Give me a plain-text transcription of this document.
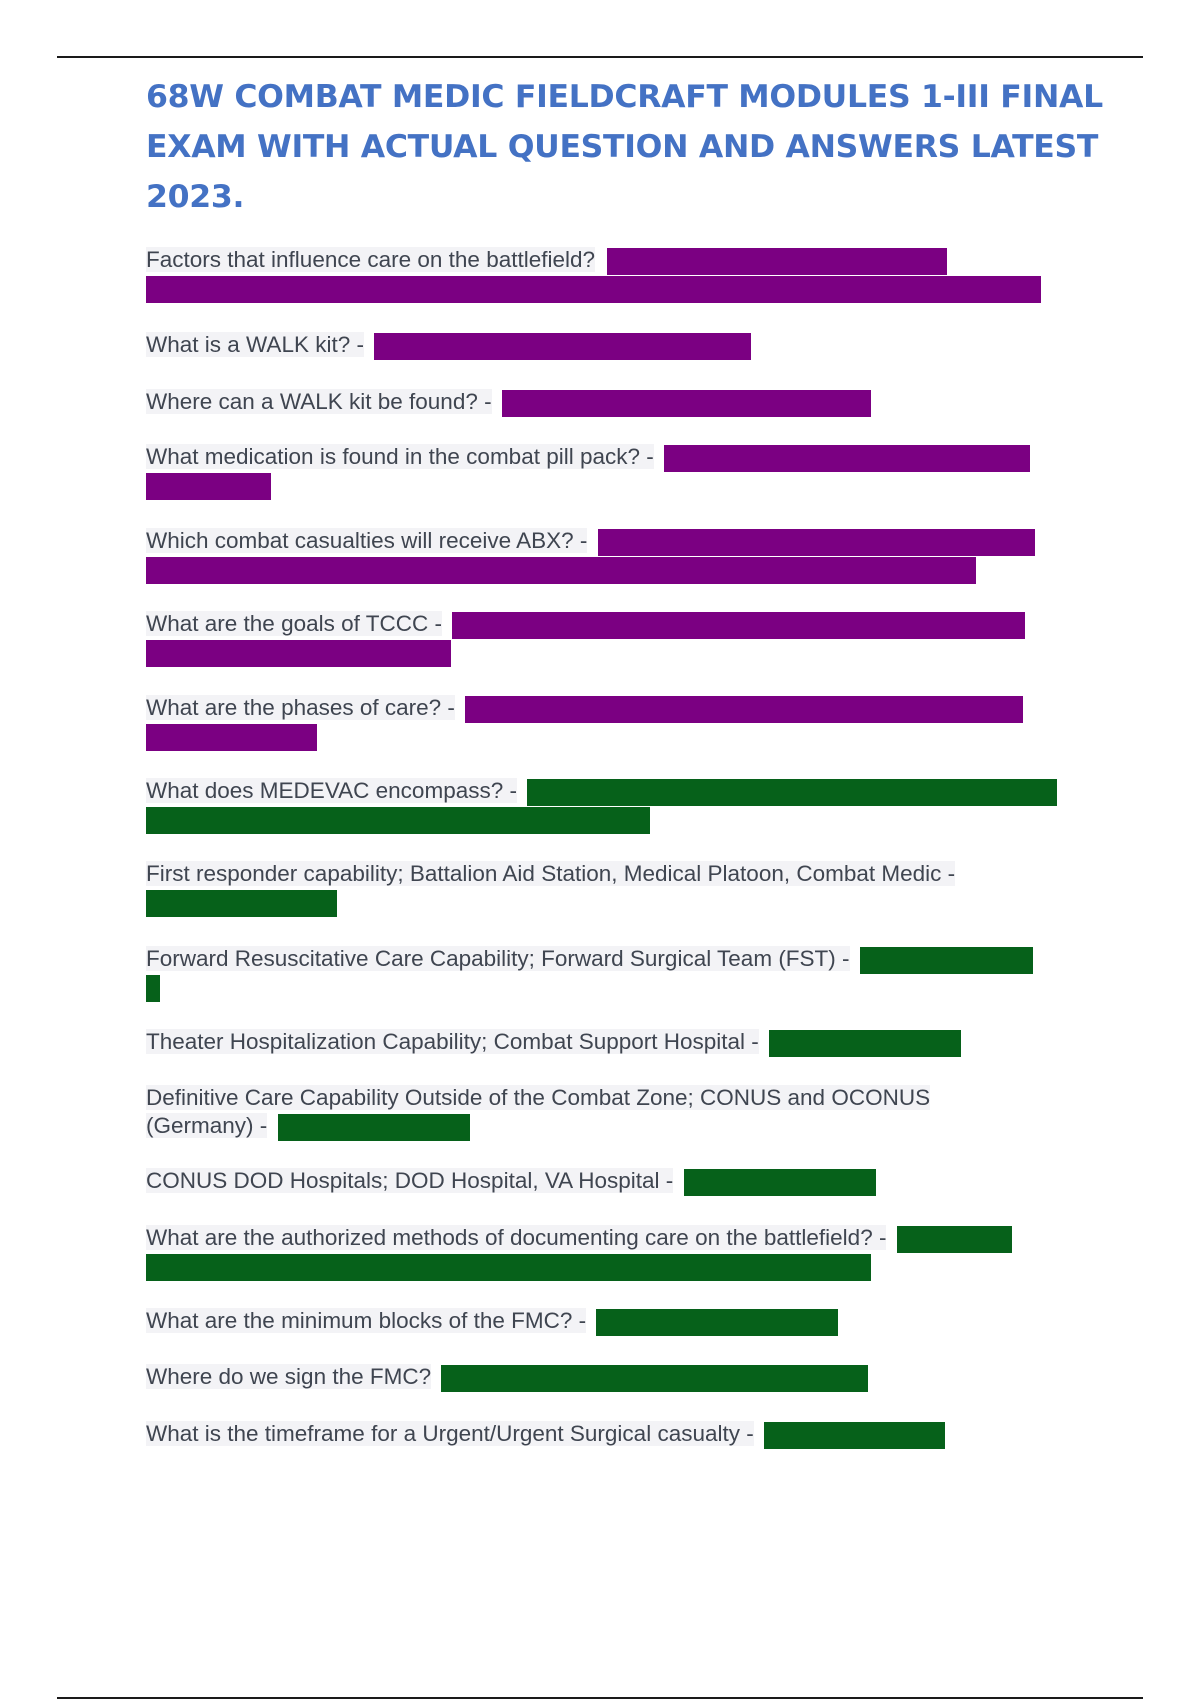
68W COMBAT MEDIC FIELDCRAFT MODULES 1-III FINAL EXAM WITH ACTUAL QUESTION AND ANSWERS LATEST 2023.

Factors that influence care on the battlefield?

What is a WALK kit? -

Where can a WALK kit be found? -

What medication is found in the combat pill pack? -

Which combat casualties will receive ABX? -

What are the goals of TCCC -

What are the phases of care? -

What does MEDEVAC encompass? -

First responder capability; Battalion Aid Station, Medical Platoon, Combat Medic -

Forward Resuscitative Care Capability; Forward Surgical Team (FST) -

Theater Hospitalization Capability; Combat Support Hospital -

Definitive Care Capability Outside of the Combat Zone; CONUS and OCONUS (Germany) -

CONUS DOD Hospitals; DOD Hospital, VA Hospital -

What are the authorized methods of documenting care on the battlefield? -

What are the minimum blocks of the FMC? -

Where do we sign the FMC?

What is the timeframe for a Urgent/Urgent Surgical casualty -
